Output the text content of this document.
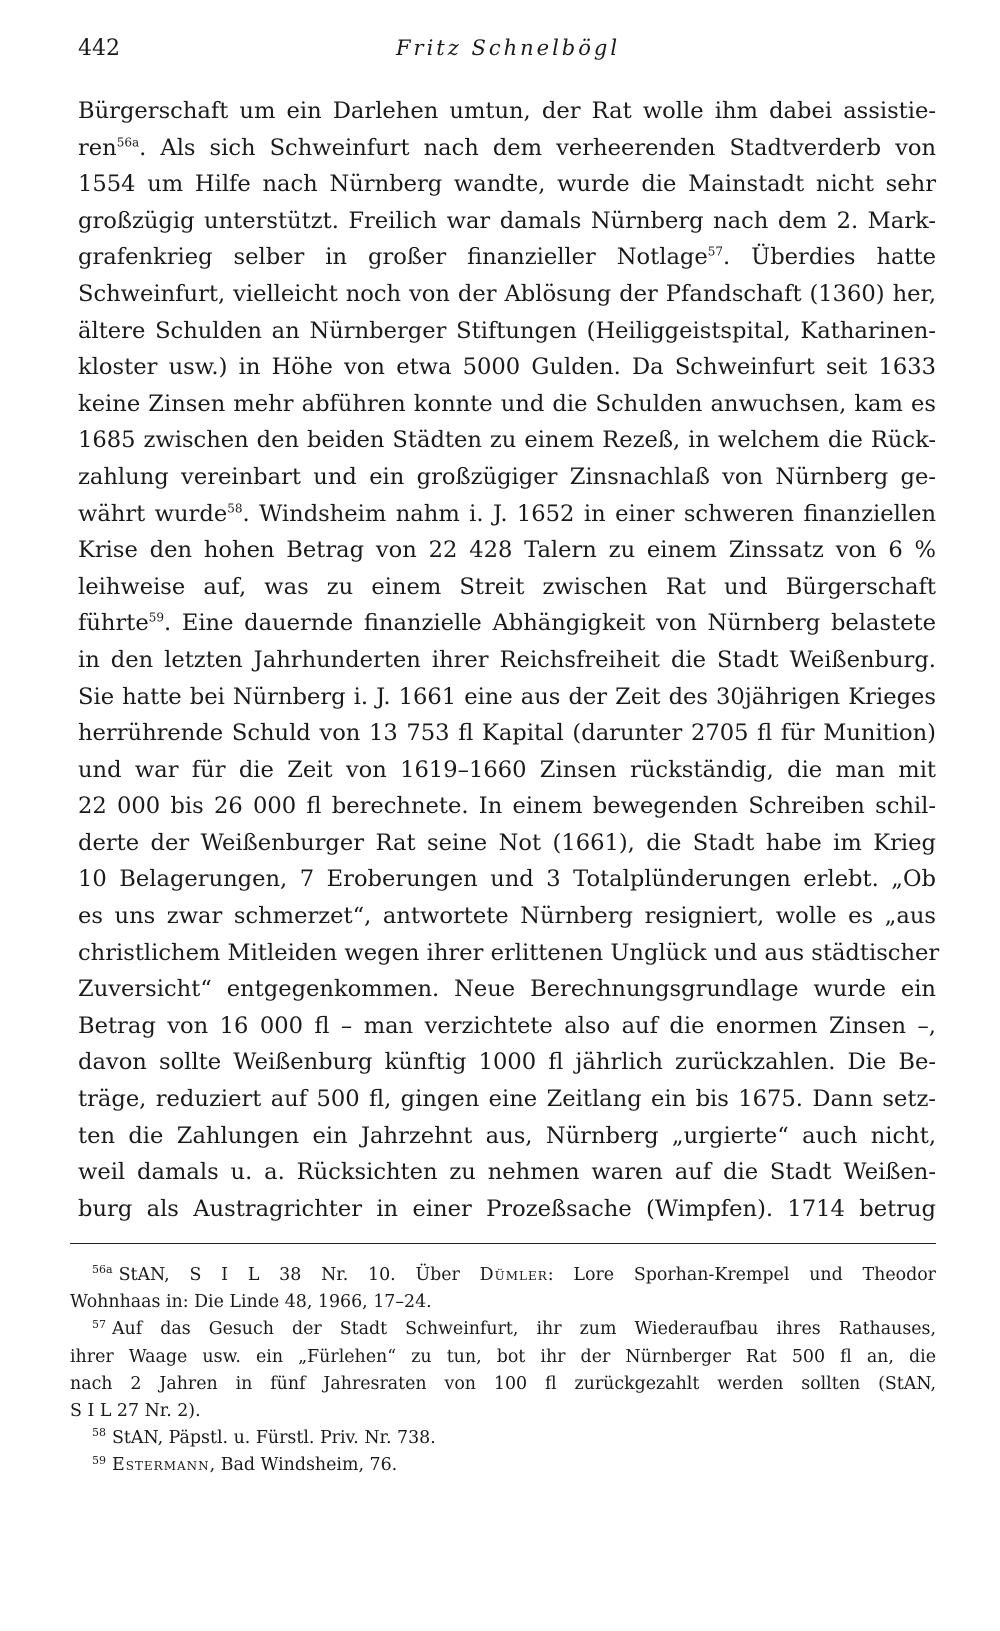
442	Fritz Schnelbögl
Bürgerschaft um ein Darlehen umtun, der Rat wolle ihm dabei assistie-
ren$^{56a}$. Als sich Schweinfurt nach dem verheerenden Stadtverderb von
1554 um Hilfe nach Nürnberg wandte, wurde die Mainstadt nicht sehr
großzügig unterstützt. Freilich war damals Nürnberg nach dem 2. Mark-
grafenkrieg selber in großer finanzieller Notlage$^{57}$. Überdies hatte
Schweinfurt, vielleicht noch von der Ablösung der Pfandschaft (1360) her,
ältere Schulden an Nürnberger Stiftungen (Heiliggeistspital, Katharinen-
kloster usw.) in Höhe von etwa 5000 Gulden. Da Schweinfurt seit 1633
keine Zinsen mehr abführen konnte und die Schulden anwuchsen, kam es
1685 zwischen den beiden Städten zu einem Rezeß, in welchem die Rück-
zahlung vereinbart und ein großzügiger Zinsnachlaß von Nürnberg ge-
währt wurde$^{58}$. Windsheim nahm i. J. 1652 in einer schweren finanziellen
Krise den hohen Betrag von 22 428 Talern zu einem Zinssatz von 6 %
leihweise auf, was zu einem Streit zwischen Rat und Bürgerschaft
führte$^{59}$. Eine dauernde finanzielle Abhängigkeit von Nürnberg belastete
in den letzten Jahrhunderten ihrer Reichsfreiheit die Stadt Weißenburg.
Sie hatte bei Nürnberg i. J. 1661 eine aus der Zeit des 30jährigen Krieges
herrührende Schuld von 13 753 fl Kapital (darunter 2705 fl für Munition)
und war für die Zeit von 1619–1660 Zinsen rückständig, die man mit
22 000 bis 26 000 fl berechnete. In einem bewegenden Schreiben schil-
derte der Weißenburger Rat seine Not (1661), die Stadt habe im Krieg
10 Belagerungen, 7 Eroberungen und 3 Totalplünderungen erlebt. „Ob
es uns zwar schmerzet“, antwortete Nürnberg resigniert, wolle es „aus
christlichem Mitleiden wegen ihrer erlittenen Unglück und aus städtischer
Zuversicht“ entgegenkommen. Neue Berechnungsgrundlage wurde ein
Betrag von 16 000 fl – man verzichtete also auf die enormen Zinsen –,
davon sollte Weißenburg künftig 1000 fl jährlich zurückzahlen. Die Be-
träge, reduziert auf 500 fl, gingen eine Zeitlang ein bis 1675. Dann setz-
ten die Zahlungen ein Jahrzehnt aus, Nürnberg „urgierte“ auch nicht,
weil damals u. a. Rücksichten zu nehmen waren auf die Stadt Weißen-
burg als Austragrichter in einer Prozeßsache (Wimpfen). 1714 betrug
$^{56a}$ StAN, S I L 38 Nr. 10. Über Dümler: Lore Sporhan-Krempel und Theodor
Wohnhaas in: Die Linde 48, 1966, 17–24.
$^{57}$ Auf das Gesuch der Stadt Schweinfurt, ihr zum Wiederaufbau ihres Rathauses,
ihrer Waage usw. ein „Fürlehen“ zu tun, bot ihr der Nürnberger Rat 500 fl an, die
nach 2 Jahren in fünf Jahresraten von 100 fl zurückgezahlt werden sollten (StAN,
S I L 27 Nr. 2).
$^{58}$ StAN, Päpstl. u. Fürstl. Priv. Nr. 738.
$^{59}$ Estermann, Bad Windsheim, 76.
